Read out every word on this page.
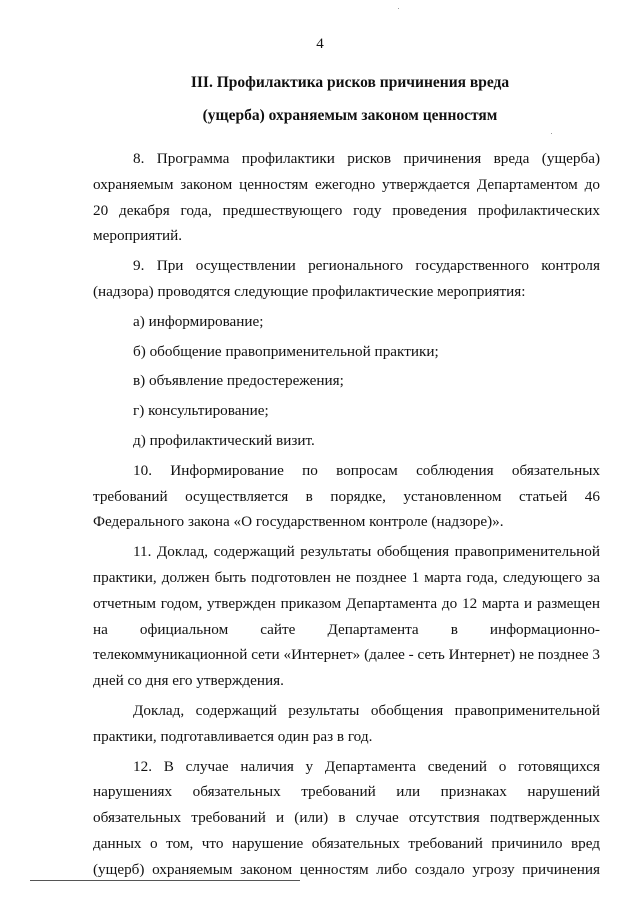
4
III. Профилактика рисков причинения вреда
(ущерба) охраняемым законом ценностям

8. Программа профилактики рисков причинения вреда (ущерба) охраняемым законом ценностям ежегодно утверждается Департаментом до 20 декабря года, предшествующего году проведения профилактических мероприятий.

9. При осуществлении регионального государственного контроля (надзора) проводятся следующие профилактические мероприятия:

а) информирование;

б) обобщение правоприменительной практики;

в) объявление предостережения;

г) консультирование;

д) профилактический визит.

10. Информирование по вопросам соблюдения обязательных требований осуществляется в порядке, установленном статьей 46 Федерального закона «О государственном контроле (надзоре)».

11. Доклад, содержащий результаты обобщения правоприменительной практики, должен быть подготовлен не позднее 1 марта года, следующего за отчетным годом, утвержден приказом Департамента до 12 марта и размещен на официальном сайте Департамента в информационно-телекоммуникационной сети «Интернет» (далее - сеть Интернет) не позднее 3 дней со дня его утверждения.

Доклад, содержащий результаты обобщения правоприменительной практики, подготавливается один раз в год.

12. В случае наличия у Департамента сведений о готовящихся нарушениях обязательных требований или признаках нарушений обязательных требований и (или) в случае отсутствия подтвержденных данных о том, что нарушение обязательных требований причинило вред (ущерб) охраняемым законом ценностям либо создало угрозу причинения
